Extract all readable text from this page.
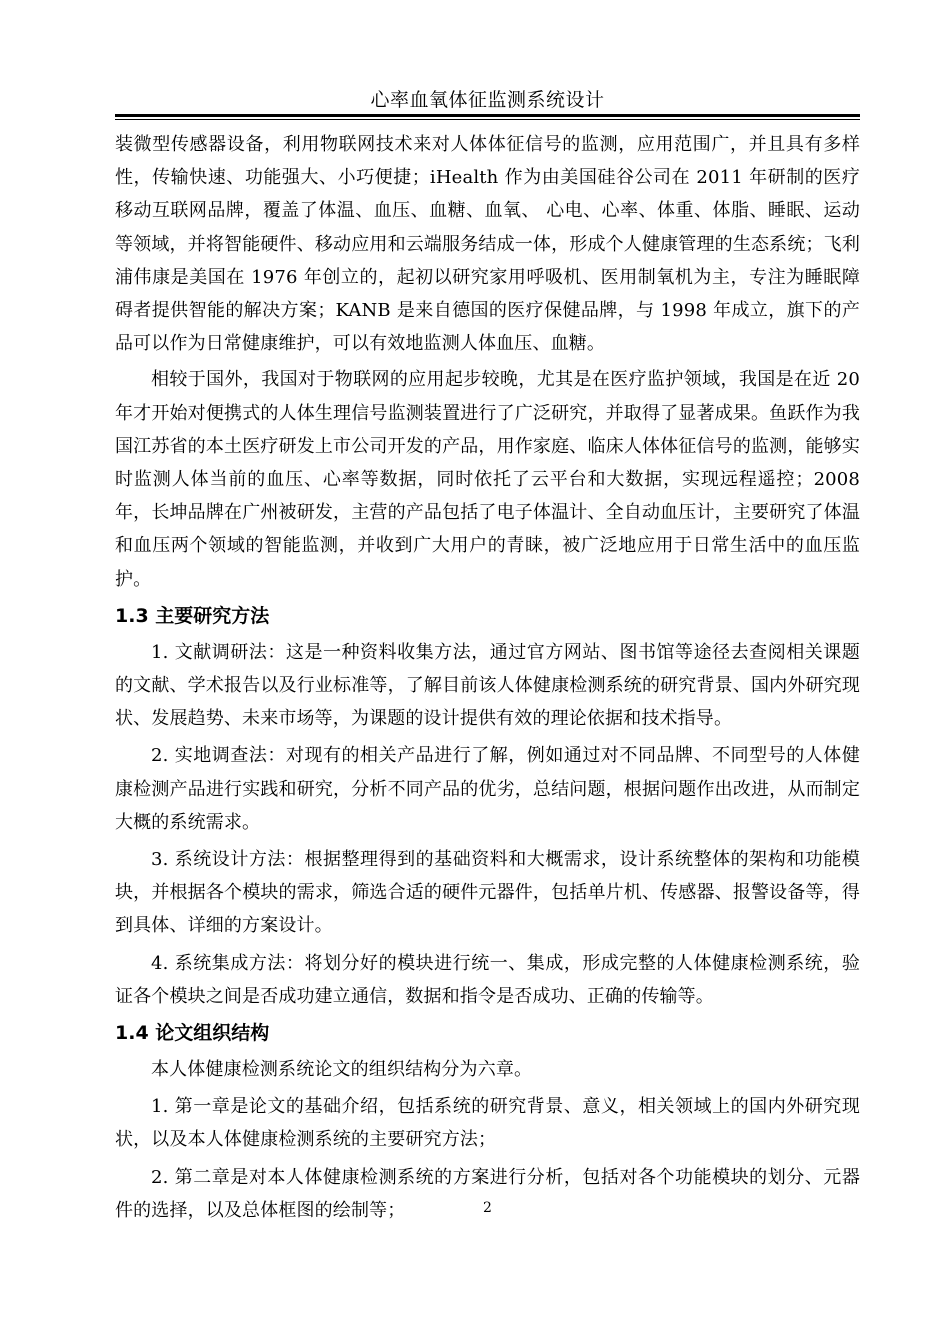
心率血氧体征监测系统设计

装微型传感器设备，利用物联网技术来对人体体征信号的监测，应用范围广，并且具有多样性，传输快速、功能强大、小巧便捷；iHealth 作为由美国硅谷公司在 2011 年研制的医疗移动互联网品牌，覆盖了体温、血压、血糖、血氧、 心电、心率、体重、体脂、睡眠、运动等领域，并将智能硬件、移动应用和云端服务结成一体，形成个人健康管理的生态系统；飞利浦伟康是美国在 1976 年创立的，起初以研究家用呼吸机、医用制氧机为主，专注为睡眠障碍者提供智能的解决方案；KANB 是来自德国的医疗保健品牌，与 1998 年成立，旗下的产品可以作为日常健康维护，可以有效地监测人体血压、血糖。

相较于国外，我国对于物联网的应用起步较晚，尤其是在医疗监护领域，我国是在近 20 年才开始对便携式的人体生理信号监测装置进行了广泛研究，并取得了显著成果。鱼跃作为我国江苏省的本土医疗研发上市公司开发的产品，用作家庭、临床人体体征信号的监测，能够实时监测人体当前的血压、心率等数据，同时依托了云平台和大数据，实现远程遥控；2008 年，长坤品牌在广州被研发，主营的产品包括了电子体温计、全自动血压计，主要研究了体温和血压两个领域的智能监测，并收到广大用户的青睐，被广泛地应用于日常生活中的血压监护。

1.3 主要研究方法

1. 文献调研法：这是一种资料收集方法，通过官方网站、图书馆等途径去查阅相关课题的文献、学术报告以及行业标准等，了解目前该人体健康检测系统的研究背景、国内外研究现状、发展趋势、未来市场等，为课题的设计提供有效的理论依据和技术指导。

2. 实地调查法：对现有的相关产品进行了解，例如通过对不同品牌、不同型号的人体健康检测产品进行实践和研究，分析不同产品的优劣，总结问题，根据问题作出改进，从而制定大概的系统需求。

3. 系统设计方法：根据整理得到的基础资料和大概需求，设计系统整体的架构和功能模块，并根据各个模块的需求，筛选合适的硬件元器件，包括单片机、传感器、报警设备等，得到具体、详细的方案设计。

4. 系统集成方法：将划分好的模块进行统一、集成，形成完整的人体健康检测系统，验证各个模块之间是否成功建立通信，数据和指令是否成功、正确的传输等。

1.4 论文组织结构

本人体健康检测系统论文的组织结构分为六章。

1. 第一章是论文的基础介绍，包括系统的研究背景、意义，相关领域上的国内外研究现状，以及本人体健康检测系统的主要研究方法；

2. 第二章是对本人体健康检测系统的方案进行分析，包括对各个功能模块的划分、元器件的选择，以及总体框图的绘制等；	2
